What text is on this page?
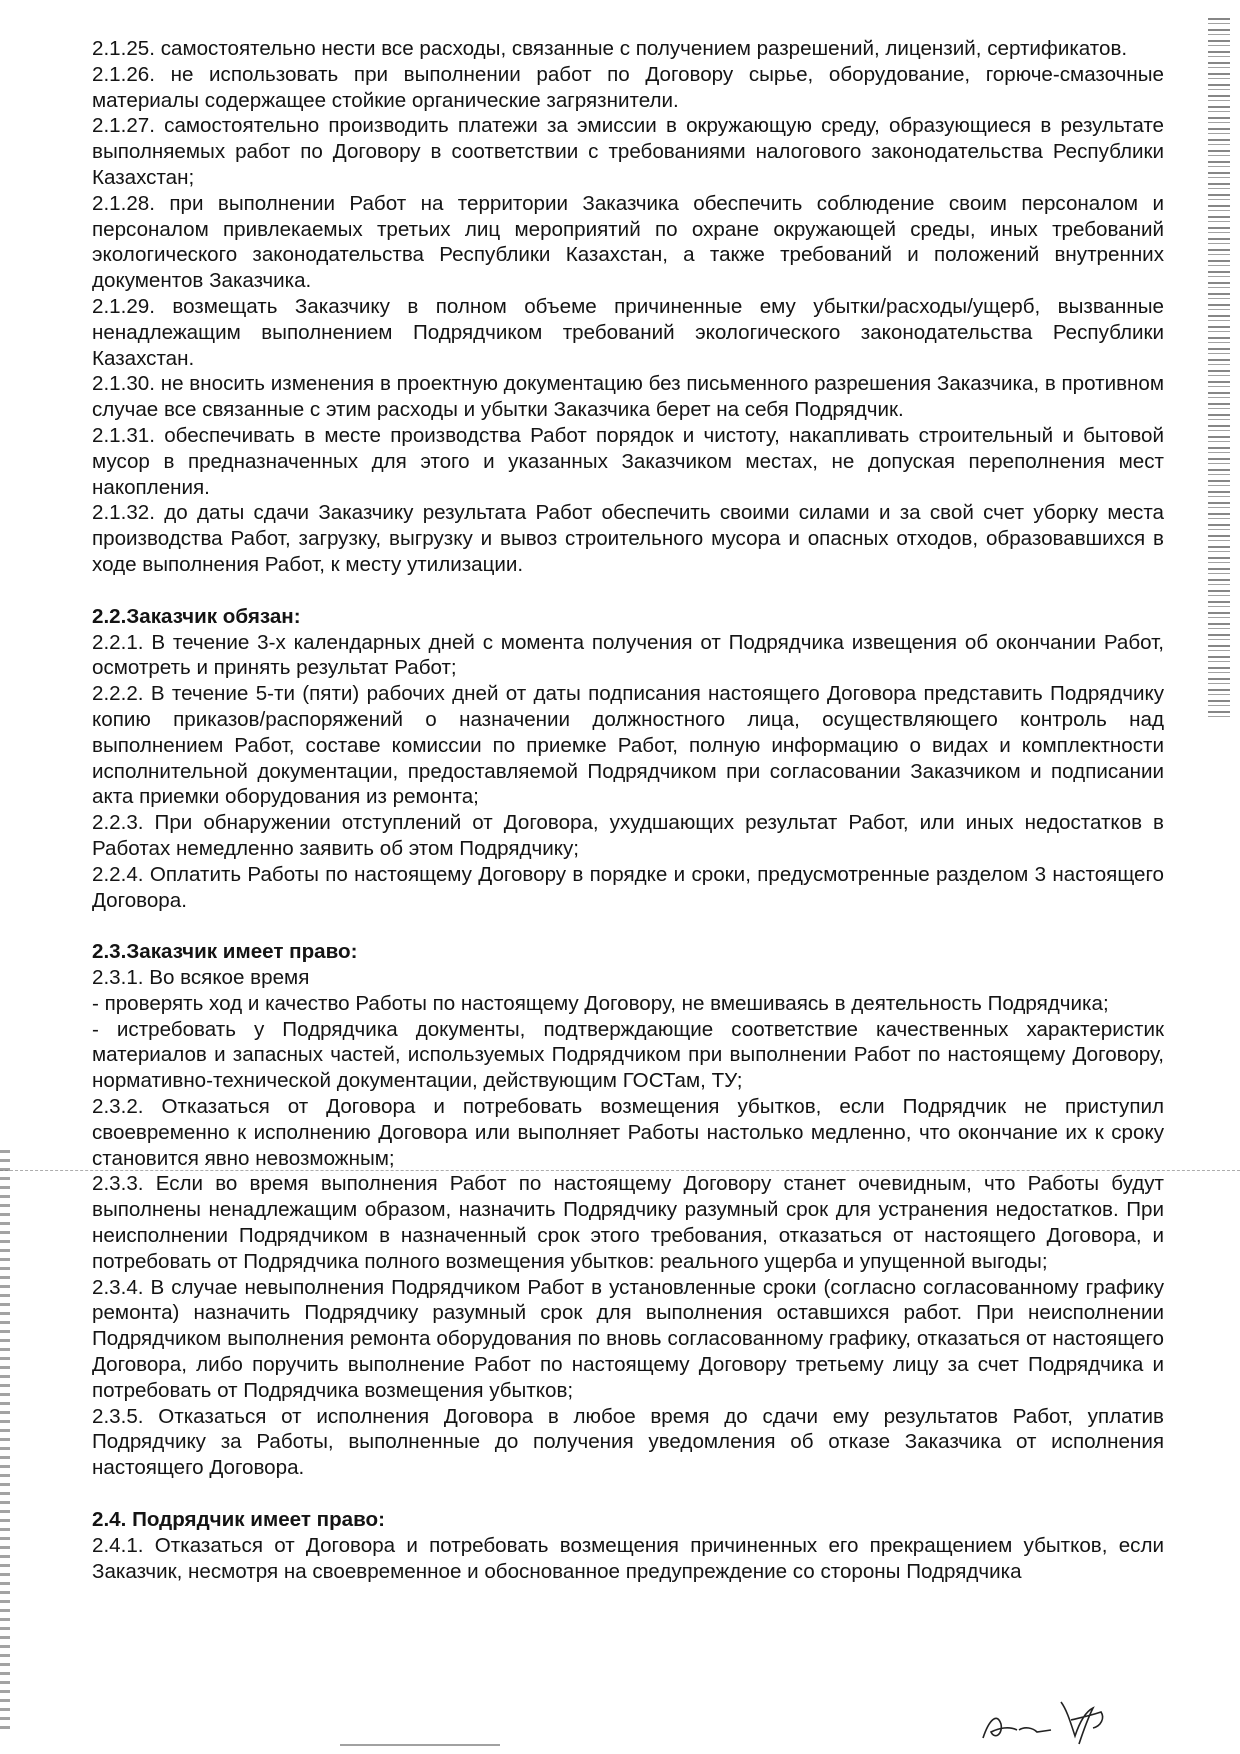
2.1.25. самостоятельно нести все расходы, связанные с получением разрешений, лицензий, сертификатов.

2.1.26. не использовать при выполнении работ по Договору сырье, оборудование, горюче-смазочные материалы содержащее стойкие органические загрязнители.

2.1.27. самостоятельно производить платежи за эмиссии в окружающую среду, образующиеся в результате выполняемых работ по Договору в соответствии с требованиями налогового законодательства Республики Казахстан;

2.1.28. при выполнении Работ на территории Заказчика обеспечить соблюдение своим персоналом и персоналом привлекаемых третьих лиц мероприятий по охране окружающей среды, иных требований экологического законодательства Республики Казахстан, а также требований и положений внутренних документов Заказчика.

2.1.29. возмещать Заказчику в полном объеме причиненные ему убытки/расходы/ущерб, вызванные ненадлежащим выполнением Подрядчиком требований экологического законодательства Республики Казахстан.

2.1.30. не вносить изменения в проектную документацию без письменного разрешения Заказчика, в противном случае все связанные с этим расходы и убытки Заказчика берет на себя Подрядчик.

2.1.31. обеспечивать в месте производства Работ порядок и чистоту, накапливать строительный и бытовой мусор в предназначенных для этого и указанных Заказчиком местах, не допуская переполнения мест накопления.

2.1.32. до даты сдачи Заказчику результата Работ обеспечить своими силами и за свой счет уборку места производства Работ, загрузку, выгрузку и вывоз строительного мусора и опасных отходов, образовавшихся в ходе выполнения Работ, к месту утилизации.

2.2.Заказчик обязан:

2.2.1. В течение 3-х календарных дней с момента получения от Подрядчика извещения об окончании Работ, осмотреть и принять результат Работ;

2.2.2. В течение 5-ти (пяти) рабочих дней от даты подписания настоящего Договора представить Подрядчику копию приказов/распоряжений о назначении должностного лица, осуществляющего контроль над выполнением Работ, составе комиссии по приемке Работ, полную информацию о видах и комплектности исполнительной документации, предоставляемой Подрядчиком при согласовании Заказчиком и подписании акта приемки оборудования из ремонта;

2.2.3. При обнаружении отступлений от Договора, ухудшающих результат Работ, или иных недостатков в Работах немедленно заявить об этом Подрядчику;

2.2.4. Оплатить Работы по настоящему Договору в порядке и сроки, предусмотренные разделом 3 настоящего Договора.

2.3.Заказчик имеет право:

2.3.1. Во всякое время

- проверять ход и качество Работы по настоящему Договору, не вмешиваясь в деятельность Подрядчика;

- истребовать у Подрядчика документы, подтверждающие соответствие качественных характеристик материалов и запасных частей, используемых Подрядчиком при выполнении Работ по настоящему Договору, нормативно-технической документации, действующим ГОСТам, ТУ;

2.3.2. Отказаться от Договора и потребовать возмещения убытков, если Подрядчик не приступил своевременно к исполнению Договора или выполняет Работы настолько медленно, что окончание их к сроку становится явно невозможным;

2.3.3. Если во время выполнения Работ по настоящему Договору станет очевидным, что Работы будут выполнены ненадлежащим образом, назначить Подрядчику разумный срок для устранения недостатков. При неисполнении Подрядчиком в назначенный срок этого требования, отказаться от настоящего Договора, и потребовать от Подрядчика полного возмещения убытков: реального ущерба и упущенной выгоды;

2.3.4. В случае невыполнения Подрядчиком Работ в установленные сроки (согласно согласованному графику ремонта) назначить Подрядчику разумный срок для выполнения оставшихся работ. При неисполнении Подрядчиком выполнения ремонта оборудования по вновь согласованному графику, отказаться от настоящего Договора, либо поручить выполнение Работ по настоящему Договору третьему лицу за счет Подрядчика и потребовать от Подрядчика возмещения убытков;

2.3.5. Отказаться от исполнения Договора в любое время до сдачи ему результатов Работ, уплатив Подрядчику за Работы, выполненные до получения уведомления об отказе Заказчика от исполнения настоящего Договора.

2.4. Подрядчик имеет право:

2.4.1. Отказаться от Договора и потребовать возмещения причиненных его прекращением убытков, если Заказчик, несмотря на своевременное и обоснованное предупреждение со стороны Подрядчика
